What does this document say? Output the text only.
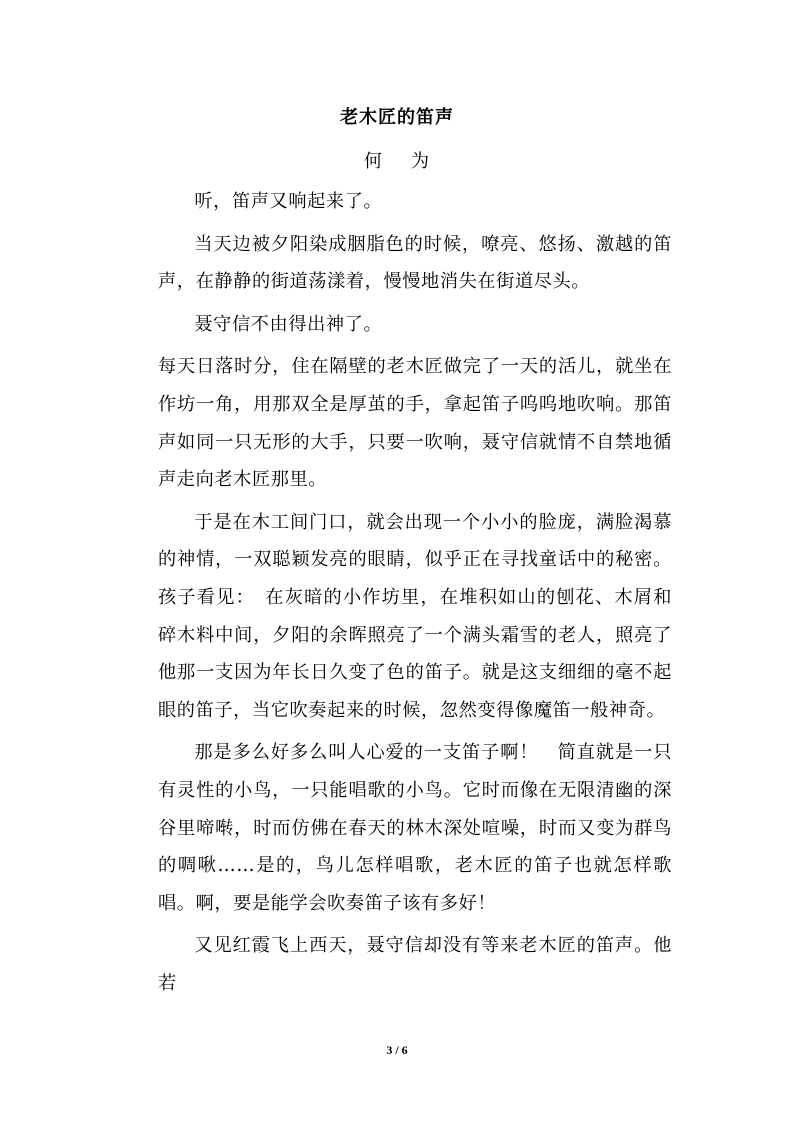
老木匠的笛声
何 为

听，笛声又响起来了。

当天边被夕阳染成胭脂色的时候，嘹亮、悠扬、激越的笛声，在静静的街道荡漾着，慢慢地消失在街道尽头。

聂守信不由得出神了。

每天日落时分，住在隔壁的老木匠做完了一天的活儿，就坐在作坊一角，用那双全是厚茧的手，拿起笛子呜呜地吹响。那笛声如同一只无形的大手，只要一吹响，聂守信就情不自禁地循声走向老木匠那里。

于是在木工间门口，就会出现一个小小的脸庞，满脸渴慕的神情，一双聪颖发亮的眼睛，似乎正在寻找童话中的秘密。孩子看见：　在灰暗的小作坊里，在堆积如山的刨花、木屑和碎木料中间，夕阳的余晖照亮了一个满头霜雪的老人，照亮了他那一支因为年长日久变了色的笛子。就是这支细细的毫不起眼的笛子，当它吹奏起来的时候，忽然变得像魔笛一般神奇。

那是多么好多么叫人心爱的一支笛子啊！　简直就是一只有灵性的小鸟，一只能唱歌的小鸟。它时而像在无限清幽的深谷里啼啭，时而仿佛在春天的林木深处喧噪，时而又变为群鸟的啁啾……是的，鸟儿怎样唱歌，老木匠的笛子也就怎样歌唱。啊，要是能学会吹奏笛子该有多好！

又见红霞飞上西天，聂守信却没有等来老木匠的笛声。他若

3 / 6
